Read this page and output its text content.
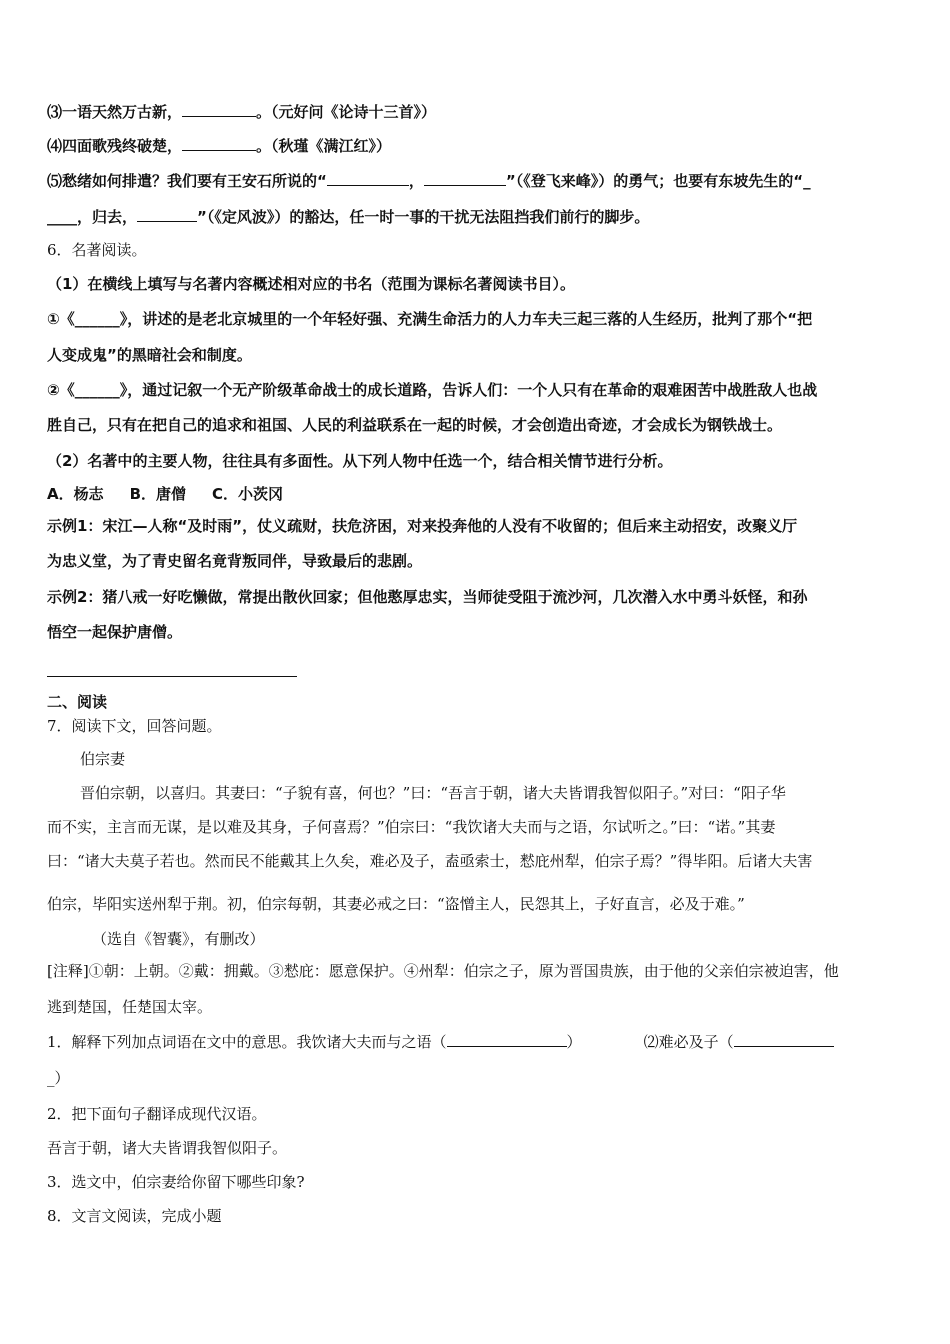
⑶一语天然万古新，	。（元好问《论诗十三首》）
⑷四面歌残终破楚，	。（秋瑾《满江红》）
⑸愁绪如何排遣？我们要有王安石所说的“	，	”（《登飞来峰》）的勇气；也要有东坡先生的“_
____，归去，	”（《定风波》）的豁达，任一时一事的干扰无法阻挡我们前行的脚步。
6．名著阅读。
（1）在横线上填写与名著内容概述相对应的书名（范围为课标名著阅读书目）。
①《______》，讲述的是老北京城里的一个年轻好强、充满生命活力的人力车夫三起三落的人生经历，批判了那个“把
人变成鬼”的黑暗社会和制度。
②《______》，通过记叙一个无产阶级革命战士的成长道路，告诉人们：一个人只有在革命的艰难困苦中战胜敌人也战
胜自己，只有在把自己的追求和祖国、人民的利益联系在一起的时候，才会创造出奇迹，才会成长为钢铁战士。
（2）名著中的主要人物，往往具有多面性。从下列人物中任选一个，结合相关情节进行分析。
A．杨志 B．唐僧 C．小茨冈
示例1：宋江—人称“及时雨”，仗义疏财，扶危济困，对来投奔他的人没有不收留的；但后来主动招安，改聚义厅
为忠义堂，为了青史留名竟背叛同伴，导致最后的悲剧。
示例2：猪八戒一好吃懒做，常提出散伙回家；但他憨厚忠实，当师徒受阻于流沙河，几次潜入水中勇斗妖怪，和孙
悟空一起保护唐僧。
二、阅读
7．阅读下文，回答问题。
伯宗妻
晋伯宗朝，以喜归。其妻曰：“子貌有喜，何也？”曰：“吾言于朝，诸大夫皆谓我智似阳子。”对曰：“阳子华
而不实，主言而无谋，是以难及其身，子何喜焉？”伯宗曰：“我饮诸大夫而与之语，尔试听之。”曰：“诺。”其妻
曰：“诸大夫莫子若也。然而民不能戴其上久矣，难必及子，盍亟索士，慭庇州犁，伯宗子焉？”得毕阳。后诸大夫害
伯宗，毕阳实送州犁于荆。初，伯宗每朝，其妻必戒之曰：“盗憎主人，民怨其上，子好直言，必及于难。”
（选自《智囊》，有删改）
[注释]①朝：上朝。②戴：拥戴。③慭庇：愿意保护。④州犁：伯宗之子，原为晋国贵族，由于他的父亲伯宗被迫害，他
逃到楚国，任楚国太宰。
1．解释下列加点词语在文中的意思。我饮诸大夫而与之语（	）	⑵难必及子（
_）
2．把下面句子翻译成现代汉语。
吾言于朝，诸大夫皆谓我智似阳子。
3．选文中，伯宗妻给你留下哪些印象?
8．文言文阅读，完成小题
